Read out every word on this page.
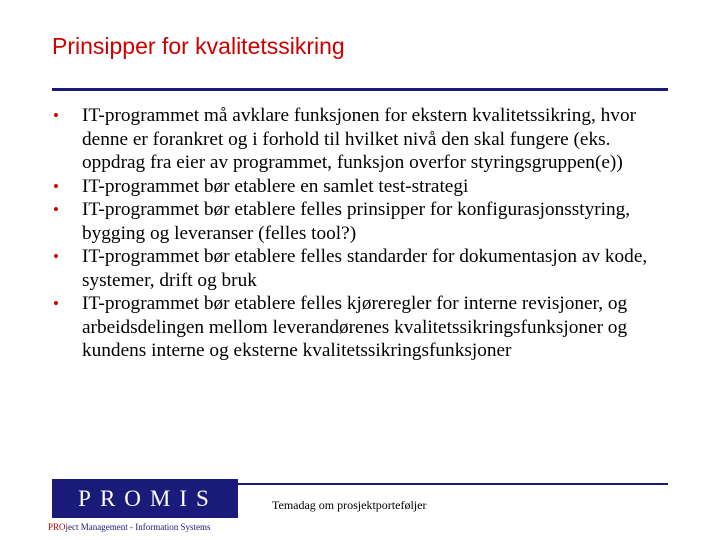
Prinsipper for kvalitetssikring
• IT-programmet må avklare funksjonen for ekstern kvalitetssikring, hvor denne er forankret og i forhold til hvilket nivå den skal fungere (eks. oppdrag fra eier av programmet, funksjon overfor styringsgruppen(e))
• IT-programmet bør etablere en samlet test-strategi
• IT-programmet bør etablere felles prinsipper for konfigurasjonsstyring, bygging og leveranser (felles tool?)
• IT-programmet bør etablere felles standarder for dokumentasjon av kode, systemer, drift og bruk
• IT-programmet bør etablere felles kjøreregler for interne revisjoner, og arbeidsdelingen mellom leverandørenes kvalitetssikringsfunksjoner og kundens interne og eksterne kvalitetssikringsfunksjoner
PROMIS
PROject Management - Information Systems
Temadag om prosjektporteføljer
